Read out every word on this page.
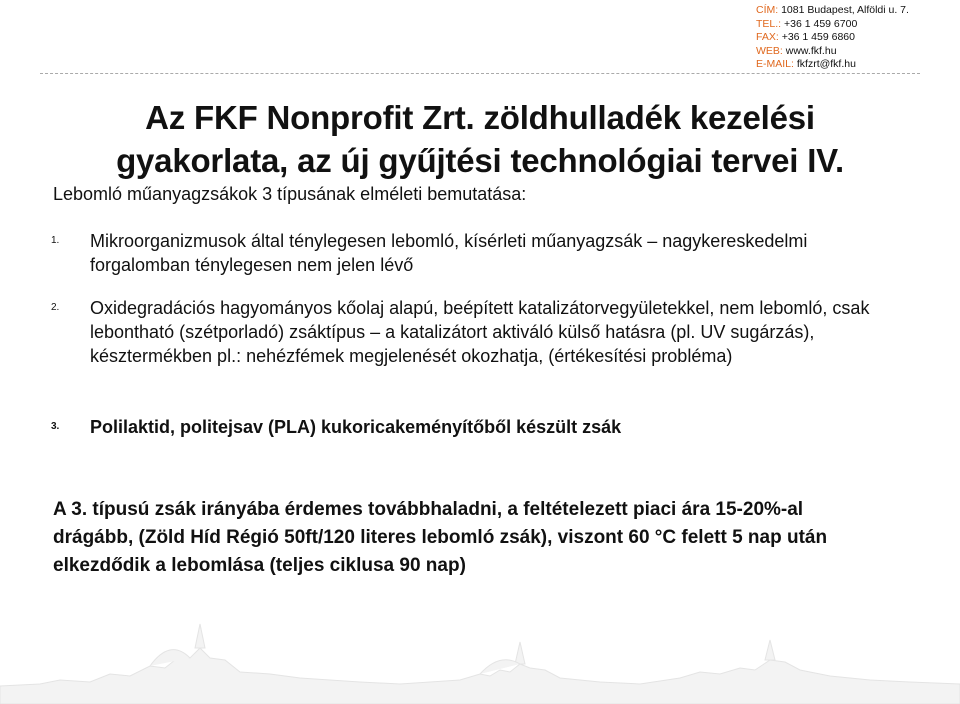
CÍM: 1081 Budapest, Alföldi u. 7.
TEL.: +36 1 459 6700
FAX: +36 1 459 6860
WEB: www.fkf.hu
E-MAIL: fkfzrt@fkf.hu
Az FKF Nonprofit Zrt. zöldhulladék kezelési
gyakorlata, az új gyűjtési technológiai tervei IV.
Lebomló műanyagzsákok 3 típusának elméleti bemutatása:
1. Mikroorganizmusok által ténylegesen lebomló, kísérleti műanyagzsák – nagykereskedelmi forgalomban ténylegesen nem jelen lévő
2. Oxidegradációs hagyományos kőolaj alapú, beépített katalizátorvegyületekkel, nem lebomló, csak lebontható (szétporladó) zsáktípus – a katalizátort aktiváló külső hatásra (pl. UV sugárzás), késztermékben pl.: nehézfémek megjelenését okozhatja, (értékesítési probléma)
3. Polilaktid, politejsav (PLA) kukoricakeményítőből készült zsák
A 3. típusú zsák irányába érdemes továbbhaladni, a feltételezett piaci ára 15-20%-al drágább, (Zöld Híd Régió 50ft/120 literes lebomló zsák), viszont 60 °C felett 5 nap után elkezdődik a lebomlása (teljes ciklusa 90 nap)
